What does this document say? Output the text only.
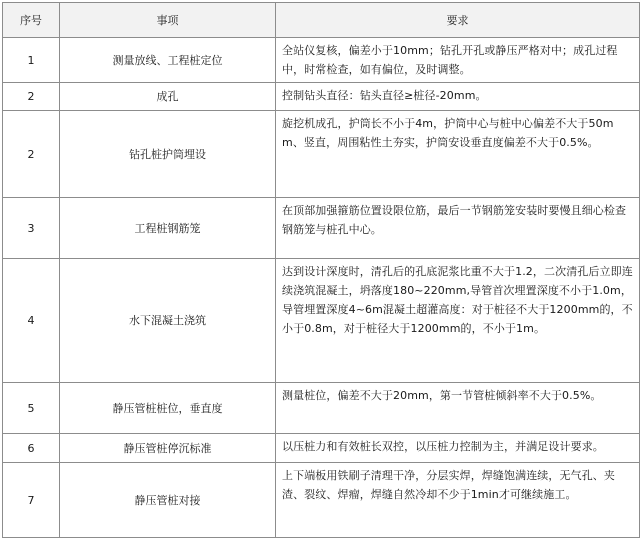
序号	事项	要求
1	测量放线、工程桩定位	全站仪复核，偏差小于10mm；钻孔开孔或静压严格对中；成孔过程中，时常检查，如有偏位，及时调整。
2	成孔	控制钻头直径：钻头直径≥桩径-20mm。
2	钻孔桩护筒埋设	旋挖机成孔，护筒长不小于4m，护筒中心与桩中心偏差不大于50mm、竖直，周围粘性土夯实，护筒安设垂直度偏差不大于0.5%。
3	工程桩钢筋笼	在顶部加强箍筋位置设限位筋，最后一节钢筋笼安装时要慢且细心检查钢筋笼与桩孔中心。
4	水下混凝土浇筑	达到设计深度时，清孔后的孔底泥浆比重不大于1.2，二次清孔后立即连续浇筑混凝土，坍落度180~220mm,导管首次埋置深度不小于1.0m，导管埋置深度4~6m混凝土超灌高度：对于桩径不大于1200mm的，不小于0.8m，对于桩径大于1200mm的，不小于1m。
5	静压管桩桩位，垂直度	测量桩位，偏差不大于20mm，第一节管桩倾斜率不大于0.5%。
6	静压管桩停沉标准	以压桩力和有效桩长双控，以压桩力控制为主，并满足设计要求。
7	静压管桩对接	上下端板用铁刷子清理干净，分层实焊，焊缝饱满连续，无气孔、夹渣、裂纹、焊瘤，焊缝自然冷却不少于1min才可继续施工。
